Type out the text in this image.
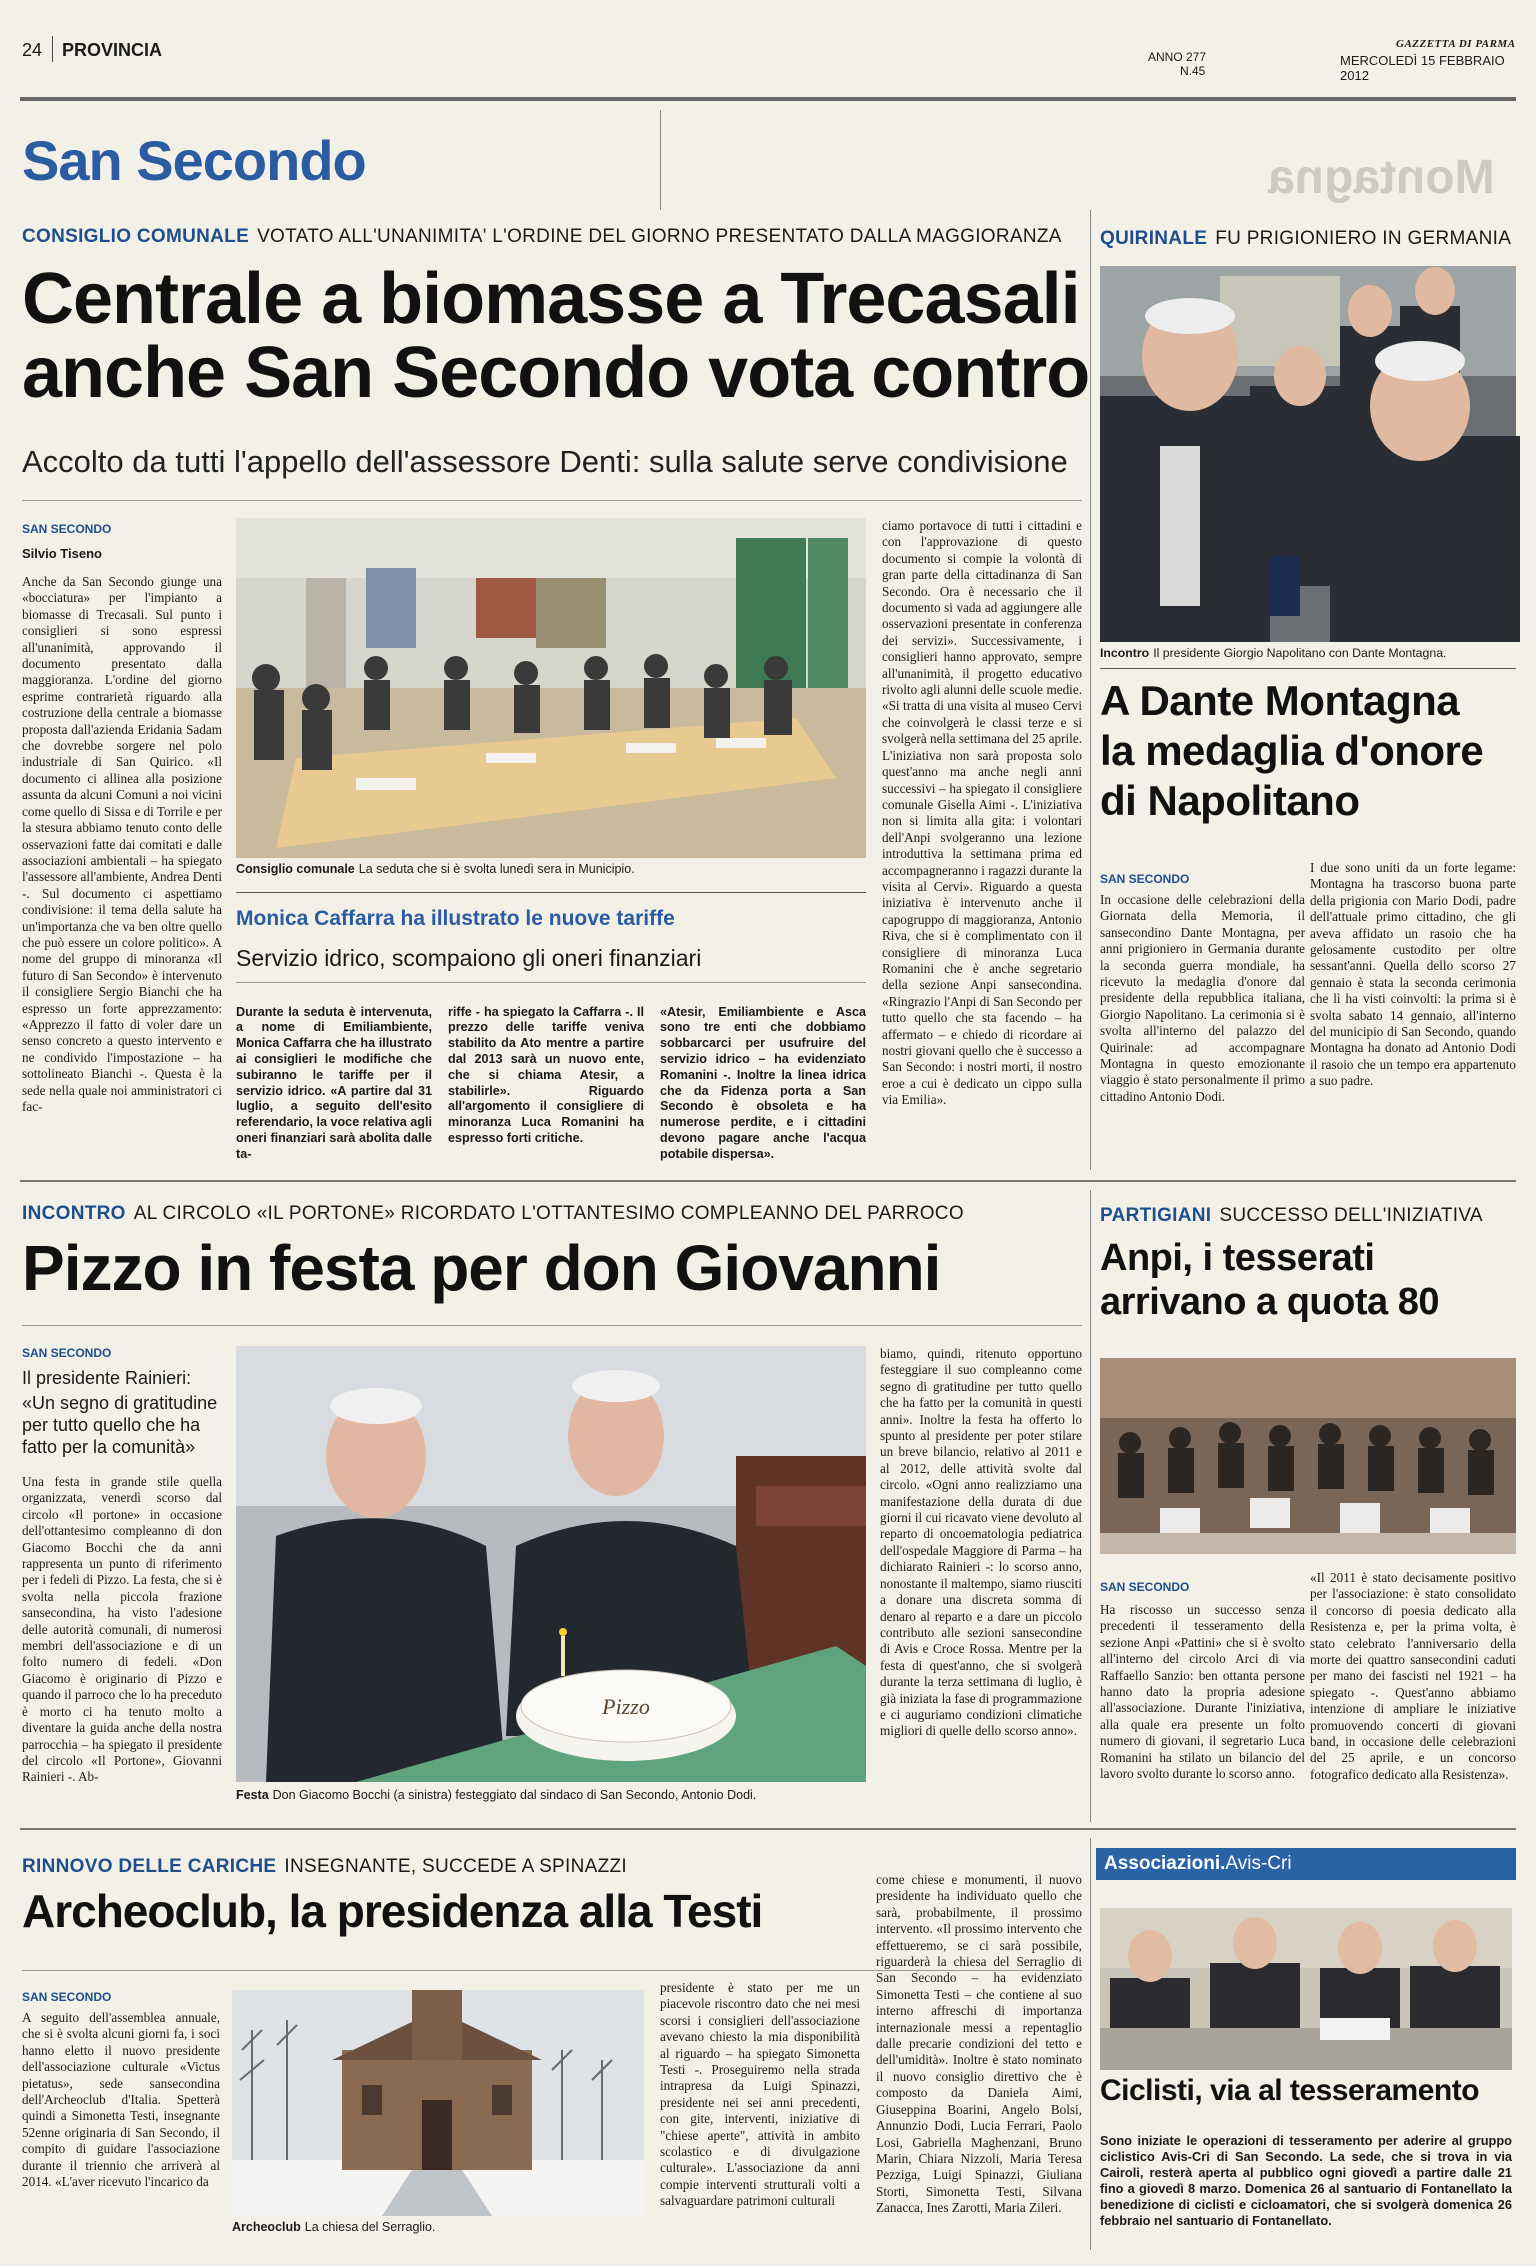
24 PROVINCIA	ANNO 277
N.45
GAZZETTA DI PARMA
MERCOLEDÌ 15 FEBBRAIO 2012
San Secondo	Montagna
CONSIGLIO COMUNALE VOTATO ALL'UNANIMITA' L'ORDINE DEL GIORNO PRESENTATO DALLA MAGGIORANZA
Centrale a biomasse a Trecasali
anche San Secondo vota contro
Accolto da tutti l'appello dell'assessore Denti: sulla salute serve condivisione
SAN SECONDO
Silvio Tiseno

Anche da San Secondo giunge una «bocciatura» per l'impianto a biomasse di Trecasali. Sul punto i consiglieri si sono espressi all'unanimità, approvando il documento presentato dalla maggioranza. L'ordine del giorno esprime contrarietà riguardo alla costruzione della centrale a biomasse proposta dall'azienda Eridania Sadam che dovrebbe sorgere nel polo industriale di San Quirico. «Il documento ci allinea alla posizione assunta da alcuni Comuni a noi vicini come quello di Sissa e di Torrile e per la stesura abbiamo tenuto conto delle osservazioni fatte dai comitati e dalle associazioni ambientali – ha spiegato l'assessore all'ambiente, Andrea Denti -. Sul documento ci aspettiamo condivisione: il tema della salute ha un'importanza che va ben oltre quello che può essere un colore politico». A nome del gruppo di minoranza «Il futuro di San Secondo» è intervenuto il consigliere Sergio Bianchi che ha espresso un forte apprezzamento: «Apprezzo il fatto di voler dare un senso concreto a questo intervento e ne condivido l'impostazione – ha sottolineato Bianchi -. Questa è la sede nella quale noi amministratori ci fac-

Consiglio comunale La seduta che si è svolta lunedì sera in Municipio.

ciamo portavoce di tutti i cittadini e con l'approvazione di questo documento si compie la volontà di gran parte della cittadinanza di San Secondo. Ora è necessario che il documento si vada ad aggiungere alle osservazioni presentate in conferenza dei servizi». Successivamente, i consiglieri hanno approvato, sempre all'unanimità, il progetto educativo rivolto agli alunni delle scuole medie. «Si tratta di una visita al museo Cervi che coinvolgerà le classi terze e si svolgerà nella settimana del 25 aprile. L'iniziativa non sarà proposta solo quest'anno ma anche negli anni successivi – ha spiegato il consigliere comunale Gisella Aimi -. L'iniziativa non si limita alla gita: i volontari dell'Anpi svolgeranno una lezione introduttiva la settimana prima ed accompagneranno i ragazzi durante la visita al Cervi». Riguardo a questa iniziativa è intervenuto anche il capogruppo di maggioranza, Antonio Riva, che si è complimentato con il consigliere di minoranza Luca Romanini che è anche segretario della sezione Anpi sansecondina. «Ringrazio l'Anpi di San Secondo per tutto quello che sta facendo – ha affermato – e chiedo di ricordare ai nostri giovani quello che è successo a San Secondo: i nostri morti, il nostro eroe a cui è dedicato un cippo sulla via Emilia».

Monica Caffarra ha illustrato le nuove tariffe
Servizio idrico, scompaiono gli oneri finanziari

Durante la seduta è intervenuta, a nome di Emiliambiente, Monica Caffarra che ha illustrato ai consiglieri le modifiche che subiranno le tariffe per il servizio idrico. «A partire dal 31 luglio, a seguito dell'esito referendario, la voce relativa agli oneri finanziari sarà abolita dalle ta-

riffe - ha spiegato la Caffarra -. Il prezzo delle tariffe veniva stabilito da Ato mentre a partire dal 2013 sarà un nuovo ente, che si chiama Atesir, a stabilirle». Riguardo all'argomento il consigliere di minoranza Luca Romanini ha espresso forti critiche.

«Atesir, Emiliambiente e Asca sono tre enti che dobbiamo sobbarcarci per usufruire del servizio idrico – ha evidenziato Romanini -. Inoltre la linea idrica che da Fidenza porta a San Secondo è obsoleta e ha numerose perdite, e i cittadini devono pagare anche l'acqua potabile dispersa».

QUIRINALE FU PRIGIONIERO IN GERMANIA
Incontro Il presidente Giorgio Napolitano con Dante Montagna.
A Dante Montagna
la medaglia d'onore
di Napolitano
SAN SECONDO

In occasione delle celebrazioni della Giornata della Memoria, il sansecondino Dante Montagna, per anni prigioniero in Germania durante la seconda guerra mondiale, ha ricevuto la medaglia d'onore dal presidente della repubblica italiana, Giorgio Napolitano. La cerimonia si è svolta all'interno del palazzo del Quirinale: ad accompagnare Montagna in questo emozionante viaggio è stato personalmente il primo cittadino Antonio Dodi.

I due sono uniti da un forte legame: Montagna ha trascorso buona parte della prigionia con Mario Dodi, padre dell'attuale primo cittadino, che gli aveva affidato un rasoio che ha gelosamente custodito per oltre sessant'anni. Quella dello scorso 27 gennaio è stata la seconda cerimonia che lì ha visti coinvolti: la prima si è svolta sabato 14 gennaio, all'interno del municipio di San Secondo, quando Montagna ha donato ad Antonio Dodi il rasoio che un tempo era appartenuto a suo padre.

INCONTRO AL CIRCOLO «IL PORTONE» RICORDATO L'OTTANTESIMO COMPLEANNO DEL PARROCO
Pizzo in festa per don Giovanni
SAN SECONDO
Il presidente Rainieri:
«Un segno di gratitudine per tutto quello che ha fatto per la comunità»

Una festa in grande stile quella organizzata, venerdì scorso dal circolo «Il portone» in occasione dell'ottantesimo compleanno di don Giacomo Bocchi che da anni rappresenta un punto di riferimento per i fedeli di Pizzo. La festa, che si è svolta nella piccola frazione sansecondina, ha visto l'adesione delle autorità comunali, di numerosi membri dell'associazione e di un folto numero di fedeli. «Don Giacomo è originario di Pizzo e quando il parroco che lo ha preceduto è morto ci ha tenuto molto a diventare la guida anche della nostra parrocchia – ha spiegato il presidente del circolo «Il Portone», Giovanni Rainieri -. Ab-

Pizzo
Festa Don Giacomo Bocchi (a sinistra) festeggiato dal sindaco di San Secondo, Antonio Dodi.

biamo, quindi, ritenuto opportuno festeggiare il suo compleanno come segno di gratitudine per tutto quello che ha fatto per la comunità in questi anni». Inoltre la festa ha offerto lo spunto al presidente per poter stilare un breve bilancio, relativo al 2011 e al 2012, delle attività svolte dal circolo. «Ogni anno realizziamo una manifestazione della durata di due giorni il cui ricavato viene devoluto al reparto di oncoematologia pediatrica dell'ospedale Maggiore di Parma – ha dichiarato Rainieri -: lo scorso anno, nonostante il maltempo, siamo riusciti a donare una discreta somma di denaro al reparto e a dare un piccolo contributo alle sezioni sansecondine di Avis e Croce Rossa. Mentre per la festa di quest'anno, che si svolgerà durante la terza settimana di luglio, è già iniziata la fase di programmazione e ci auguriamo condizioni climatiche migliori di quelle dello scorso anno».

PARTIGIANI SUCCESSO DELL'INIZIATIVA
Anpi, i tesserati
arrivano a quota 80
SAN SECONDO

Ha riscosso un successo senza precedenti il tesseramento della sezione Anpi «Pattini» che si è svolto all'interno del circolo Arci di via Raffaello Sanzio: ben ottanta persone hanno dato la propria adesione all'associazione. Durante l'iniziativa, alla quale era presente un folto numero di giovani, il segretario Luca Romanini ha stilato un bilancio del lavoro svolto durante lo scorso anno.

«Il 2011 è stato decisamente positivo per l'associazione: è stato consolidato il concorso di poesia dedicato alla Resistenza e, per la prima volta, è stato celebrato l'anniversario della morte dei quattro sansecondini caduti per mano dei fascisti nel 1921 – ha spiegato -. Quest'anno abbiamo intenzione di ampliare le iniziative promuovendo concerti di giovani band, in occasione delle celebrazioni del 25 aprile, e un concorso fotografico dedicato alla Resistenza».

RINNOVO DELLE CARICHE INSEGNANTE, SUCCEDE A SPINAZZI
Archeoclub, la presidenza alla Testi
SAN SECONDO

A seguito dell'assemblea annuale, che si è svolta alcuni giorni fa, i soci hanno eletto il nuovo presidente dell'associazione culturale «Victus pietatus», sede sansecondina dell'Archeoclub d'Italia. Spetterà quindi a Simonetta Testi, insegnante 52enne originaria di San Secondo, il compito di guidare l'associazione durante il triennio che arriverà al 2014. «L'aver ricevuto l'incarico da

Archeoclub La chiesa del Serraglio.

presidente è stato per me un piacevole riscontro dato che nei mesi scorsi i consiglieri dell'associazione avevano chiesto la mia disponibilità al riguardo – ha spiegato Simonetta Testi -. Proseguiremo nella strada intrapresa da Luigi Spinazzi, presidente nei sei anni precedenti, con gite, interventi, iniziative di "chiese aperte", attività in ambito scolastico e di divulgazione culturale». L'associazione da anni compie interventi strutturali volti a salvaguardare patrimoni culturali

come chiese e monumenti, il nuovo presidente ha individuato quello che sarà, probabilmente, il prossimo intervento. «Il prossimo intervento che effettueremo, se ci sarà possibile, riguarderà la chiesa del Serraglio di San Secondo – ha evidenziato Simonetta Testi – che contiene al suo interno affreschi di importanza internazionale messi a repentaglio dalle precarie condizioni del tetto e dell'umidità». Inoltre è stato nominato il nuovo consiglio direttivo che è composto da Daniela Aimi, Giuseppina Boarini, Angelo Bolsi, Annunzio Dodi, Lucia Ferrari, Paolo Losi, Gabriella Maghenzani, Bruno Marin, Chiara Nizzoli, Maria Teresa Pezziga, Luigi Spinazzi, Giuliana Storti, Simonetta Testi, Silvana Zanacca, Ines Zarotti, Maria Zileri.

Associazioni.Avis-Cri
Ciclisti, via al tesseramento

Sono iniziate le operazioni di tesseramento per aderire al gruppo ciclistico Avis-Cri di San Secondo. La sede, che si trova in via Cairoli, resterà aperta al pubblico ogni giovedì a partire dalle 21 fino a giovedì 8 marzo. Domenica 26 al santuario di Fontanellato la benedizione di ciclisti e cicloamatori, che si svolgerà domenica 26 febbraio nel santuario di Fontanellato.
